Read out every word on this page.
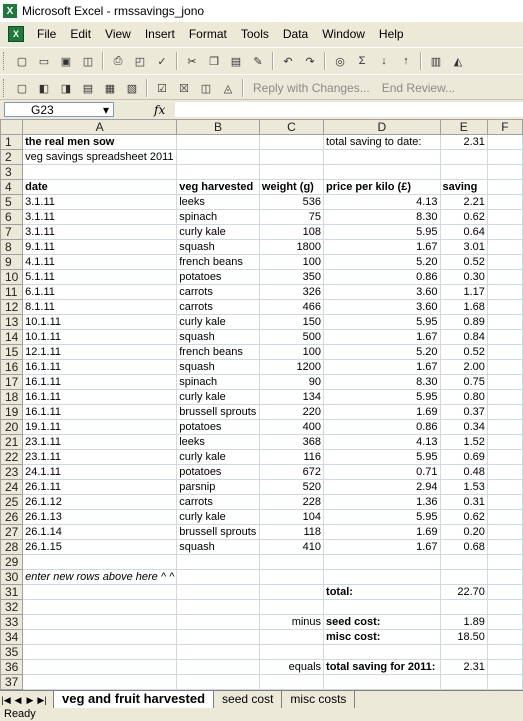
X Microsoft Excel - rmssavings_jono
X	File	Edit	View	Insert	Format	Tools	Data	Window	Help
▢	▭	▣	◫	⎙	◰	✓	✂	❐	▤	✎	↶	↷	◎	Σ	↓	↑	▥	◭
▢	◧	◨	▤	▦	▧	☑	☒	◫	◬	Reply with Changes... End Review...
G23	▾	fx
	A	B	C	D	E	F
1	the real men sow			total saving to date:	2.31	
2	veg savings spreadsheet 2011					
3						
4	date	veg harvested	weight (g)	price per kilo (£)	saving	
5	3.1.11	leeks	536	4.13	2.21	
6	3.1.11	spinach	75	8.30	0.62	
7	3.1.11	curly kale	108	5.95	0.64	
8	9.1.11	squash	1800	1.67	3.01	
9	4.1.11	french beans	100	5.20	0.52	
10	5.1.11	potatoes	350	0.86	0.30	
11	6.1.11	carrots	326	3.60	1.17	
12	8.1.11	carrots	466	3.60	1.68	
13	10.1.11	curly kale	150	5.95	0.89	
14	10.1.11	squash	500	1.67	0.84	
15	12.1.11	french beans	100	5.20	0.52	
16	16.1.11	squash	1200	1.67	2.00	
17	16.1.11	spinach	90	8.30	0.75	
18	16.1.11	curly kale	134	5.95	0.80	
19	16.1.11	brussell sprouts	220	1.69	0.37	
20	19.1.11	potatoes	400	0.86	0.34	
21	23.1.11	leeks	368	4.13	1.52	
22	23.1.11	curly kale	116	5.95	0.69	
23	24.1.11	potatoes	672	0.71	0.48	
24	26.1.11	parsnip	520	2.94	1.53	
25	26.1.12	carrots	228	1.36	0.31	
26	26.1.13	curly kale	104	5.95	0.62	
27	26.1.14	brussell sprouts	118	1.69	0.20	
28	26.1.15	squash	410	1.67	0.68	
29						
30	enter new rows above here ^ ^					
31				total:	22.70	
32						
33			minus	seed cost:	1.89	
34				misc cost:	18.50	
35						
36			equals	total saving for 2011:	2.31	
37						
|◀ ◀ ▶ ▶|	veg and fruit harvested	seed cost	misc costs
Ready
